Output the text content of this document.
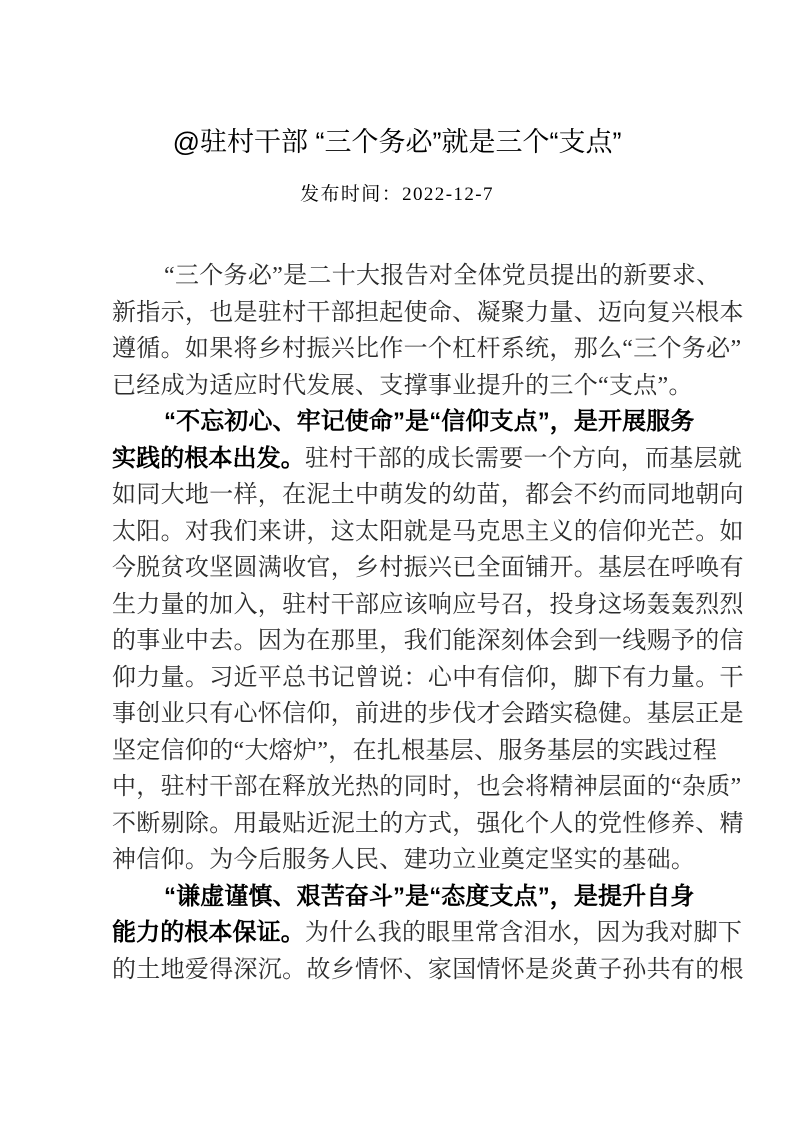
@驻村干部 “三个务必”就是三个“支点”
发布时间：2022-12-7
“三个务必”是二十大报告对全体党员提出的新要求、
新指示，也是驻村干部担起使命、凝聚力量、迈向复兴根本
遵循。如果将乡村振兴比作一个杠杆系统，那么“三个务必”
已经成为适应时代发展、支撑事业提升的三个“支点”。
“不忘初心、牢记使命”是“信仰支点”，是开展服务
实践的根本出发。驻村干部的成长需要一个方向，而基层就
如同大地一样，在泥土中萌发的幼苗，都会不约而同地朝向
太阳。对我们来讲，这太阳就是马克思主义的信仰光芒。如
今脱贫攻坚圆满收官，乡村振兴已全面铺开。基层在呼唤有
生力量的加入，驻村干部应该响应号召，投身这场轰轰烈烈
的事业中去。因为在那里，我们能深刻体会到一线赐予的信
仰力量。习近平总书记曾说：心中有信仰，脚下有力量。干
事创业只有心怀信仰，前进的步伐才会踏实稳健。基层正是
坚定信仰的“大熔炉”，在扎根基层、服务基层的实践过程
中，驻村干部在释放光热的同时，也会将精神层面的“杂质”
不断剔除。用最贴近泥土的方式，强化个人的党性修养、精
神信仰。为今后服务人民、建功立业奠定坚实的基础。
“谦虚谨慎、艰苦奋斗”是“态度支点”，是提升自身
能力的根本保证。为什么我的眼里常含泪水，因为我对脚下
的土地爱得深沉。故乡情怀、家国情怀是炎黄子孙共有的根
